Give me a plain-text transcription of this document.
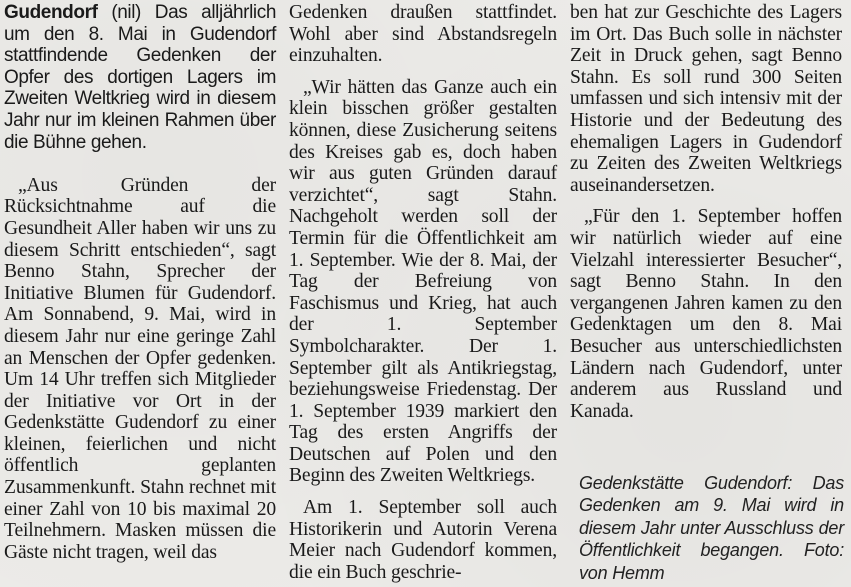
Gudendorf (nil) Das alljährlich um den 8. Mai in Gudendorf stattfindende Gedenken der Opfer des dortigen Lagers im Zweiten Weltkrieg wird in diesem Jahr nur im kleinen Rahmen über die Bühne gehen.

„Aus Gründen der Rücksichtnahme auf die Gesundheit Aller haben wir uns zu diesem Schritt entschieden“, sagt Benno Stahn, Sprecher der Initiative Blumen für Gudendorf. Am Sonnabend, 9. Mai, wird in diesem Jahr nur eine geringe Zahl an Menschen der Opfer gedenken. Um 14 Uhr treffen sich Mitglieder der Initiative vor Ort in der Gedenkstätte Gudendorf zu einer kleinen, feierlichen und nicht öffentlich geplanten Zusammenkunft. Stahn rechnet mit einer Zahl von 10 bis maximal 20 Teilnehmern. Masken müssen die Gäste nicht tragen, weil das

Gedenken draußen stattfindet. Wohl aber sind Abstandsregeln einzuhalten.

„Wir hätten das Ganze auch ein klein bisschen größer gestalten können, diese Zusicherung seitens des Kreises gab es, doch haben wir aus guten Gründen darauf verzichtet“, sagt Stahn. Nachgeholt werden soll der Termin für die Öffentlichkeit am 1. September. Wie der 8. Mai, der Tag der Befreiung von Faschismus und Krieg, hat auch der 1. September Symbolcharakter. Der 1. September gilt als Antikriegstag, beziehungsweise Friedenstag. Der 1. September 1939 markiert den Tag des ersten Angriffs der Deutschen auf Polen und den Beginn des Zweiten Weltkriegs.

Am 1. September soll auch Historikerin und Autorin Verena Meier nach Gudendorf kommen, die ein Buch geschrie-

ben hat zur Geschichte des Lagers im Ort. Das Buch solle in nächster Zeit in Druck gehen, sagt Benno Stahn. Es soll rund 300 Seiten umfassen und sich intensiv mit der Historie und der Bedeutung des ehemaligen Lagers in Gudendorf zu Zeiten des Zweiten Weltkriegs auseinandersetzen.

„Für den 1. September hoffen wir natürlich wieder auf eine Vielzahl interessierter Besucher“, sagt Benno Stahn. In den vergangenen Jahren kamen zu den Gedenktagen um den 8. Mai Besucher aus unterschiedlichsten Ländern nach Gudendorf, unter anderem aus Russland und Kanada.

Gedenkstätte Gudendorf: Das Gedenken am 9. Mai wird in diesem Jahr unter Ausschluss der Öffentlichkeit begangen. Foto: von Hemm
